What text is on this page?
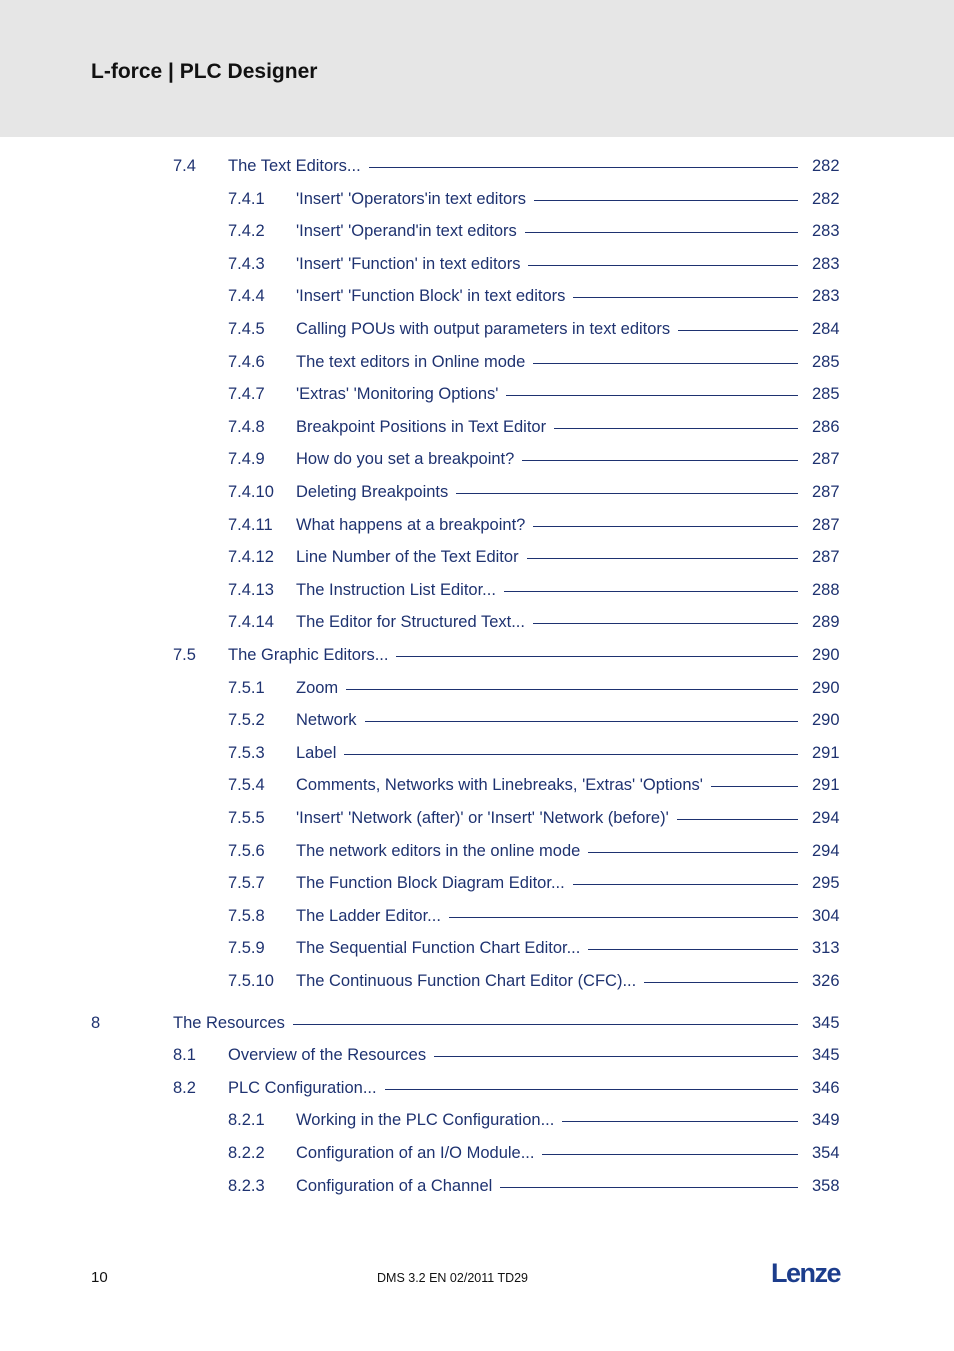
L-force | PLC Designer
7.4 The Text Editors...	282
7.4.1 'Insert' 'Operators'in text editors	282
7.4.2 'Insert' 'Operand'in text editors	283
7.4.3 'Insert' 'Function' in text editors	283
7.4.4 'Insert' 'Function Block' in text editors	283
7.4.5 Calling POUs with output parameters in text editors	284
7.4.6 The text editors in Online mode	285
7.4.7 'Extras' 'Monitoring Options'	285
7.4.8 Breakpoint Positions in Text Editor	286
7.4.9 How do you set a breakpoint?	287
7.4.10 Deleting Breakpoints	287
7.4.11 What happens at a breakpoint?	287
7.4.12 Line Number of the Text Editor	287
7.4.13 The Instruction List Editor...	288
7.4.14 The Editor for Structured Text...	289
7.5 The Graphic Editors...	290
7.5.1 Zoom	290
7.5.2 Network	290
7.5.3 Label	291
7.5.4 Comments, Networks with Linebreaks, 'Extras' 'Options'	291
7.5.5 'Insert' 'Network (after)' or 'Insert' 'Network (before)'	294
7.5.6 The network editors in the online mode	294
7.5.7 The Function Block Diagram Editor...	295
7.5.8 The Ladder Editor...	304
7.5.9 The Sequential Function Chart Editor...	313
7.5.10 The Continuous Function Chart Editor (CFC)...	326
8	The Resources	345
8.1 Overview of the Resources	345
8.2 PLC Configuration...	346
8.2.1 Working in the PLC Configuration...	349
8.2.2 Configuration of an I/O Module...	354
8.2.3 Configuration of a Channel	358
10	DMS 3.2 EN 02/2011 TD29	Lenze
